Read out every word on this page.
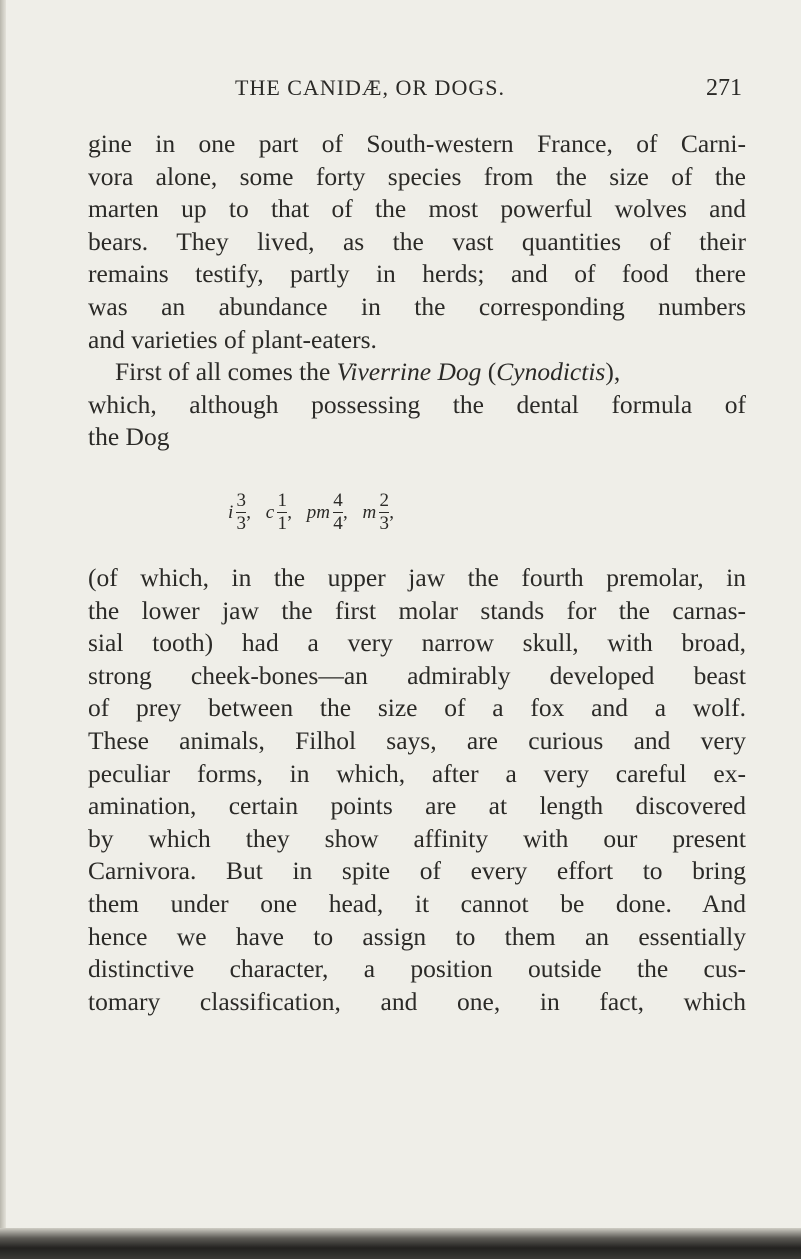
THE CANIDÆ, OR DOGS.	271
gine in one part of South-western France, of Carni-
vora alone, some forty species from the size of the
marten up to that of the most powerful wolves and
bears. They lived, as the vast quantities of their
remains testify, partly in herds; and of food there
was an abundance in the corresponding numbers
and varieties of plant-eaters.
First of all comes the Viverrine Dog (Cynodictis),
which, although possessing the dental formula of
the Dog
i $\frac{3}{3}$ , c $\frac{1}{1}$ , pm $\frac{4}{4}$ , m $\frac{2}{3}$ ,
(of which, in the upper jaw the fourth premolar, in
the lower jaw the first molar stands for the carnas-
sial tooth) had a very narrow skull, with broad,
strong cheek-bones—an admirably developed beast
of prey between the size of a fox and a wolf.
These animals, Filhol says, are curious and very
peculiar forms, in which, after a very careful ex-
amination, certain points are at length discovered
by which they show affinity with our present
Carnivora. But in spite of every effort to bring
them under one head, it cannot be done. And
hence we have to assign to them an essentially
distinctive character, a position outside the cus-
tomary classification, and one, in fact, which
